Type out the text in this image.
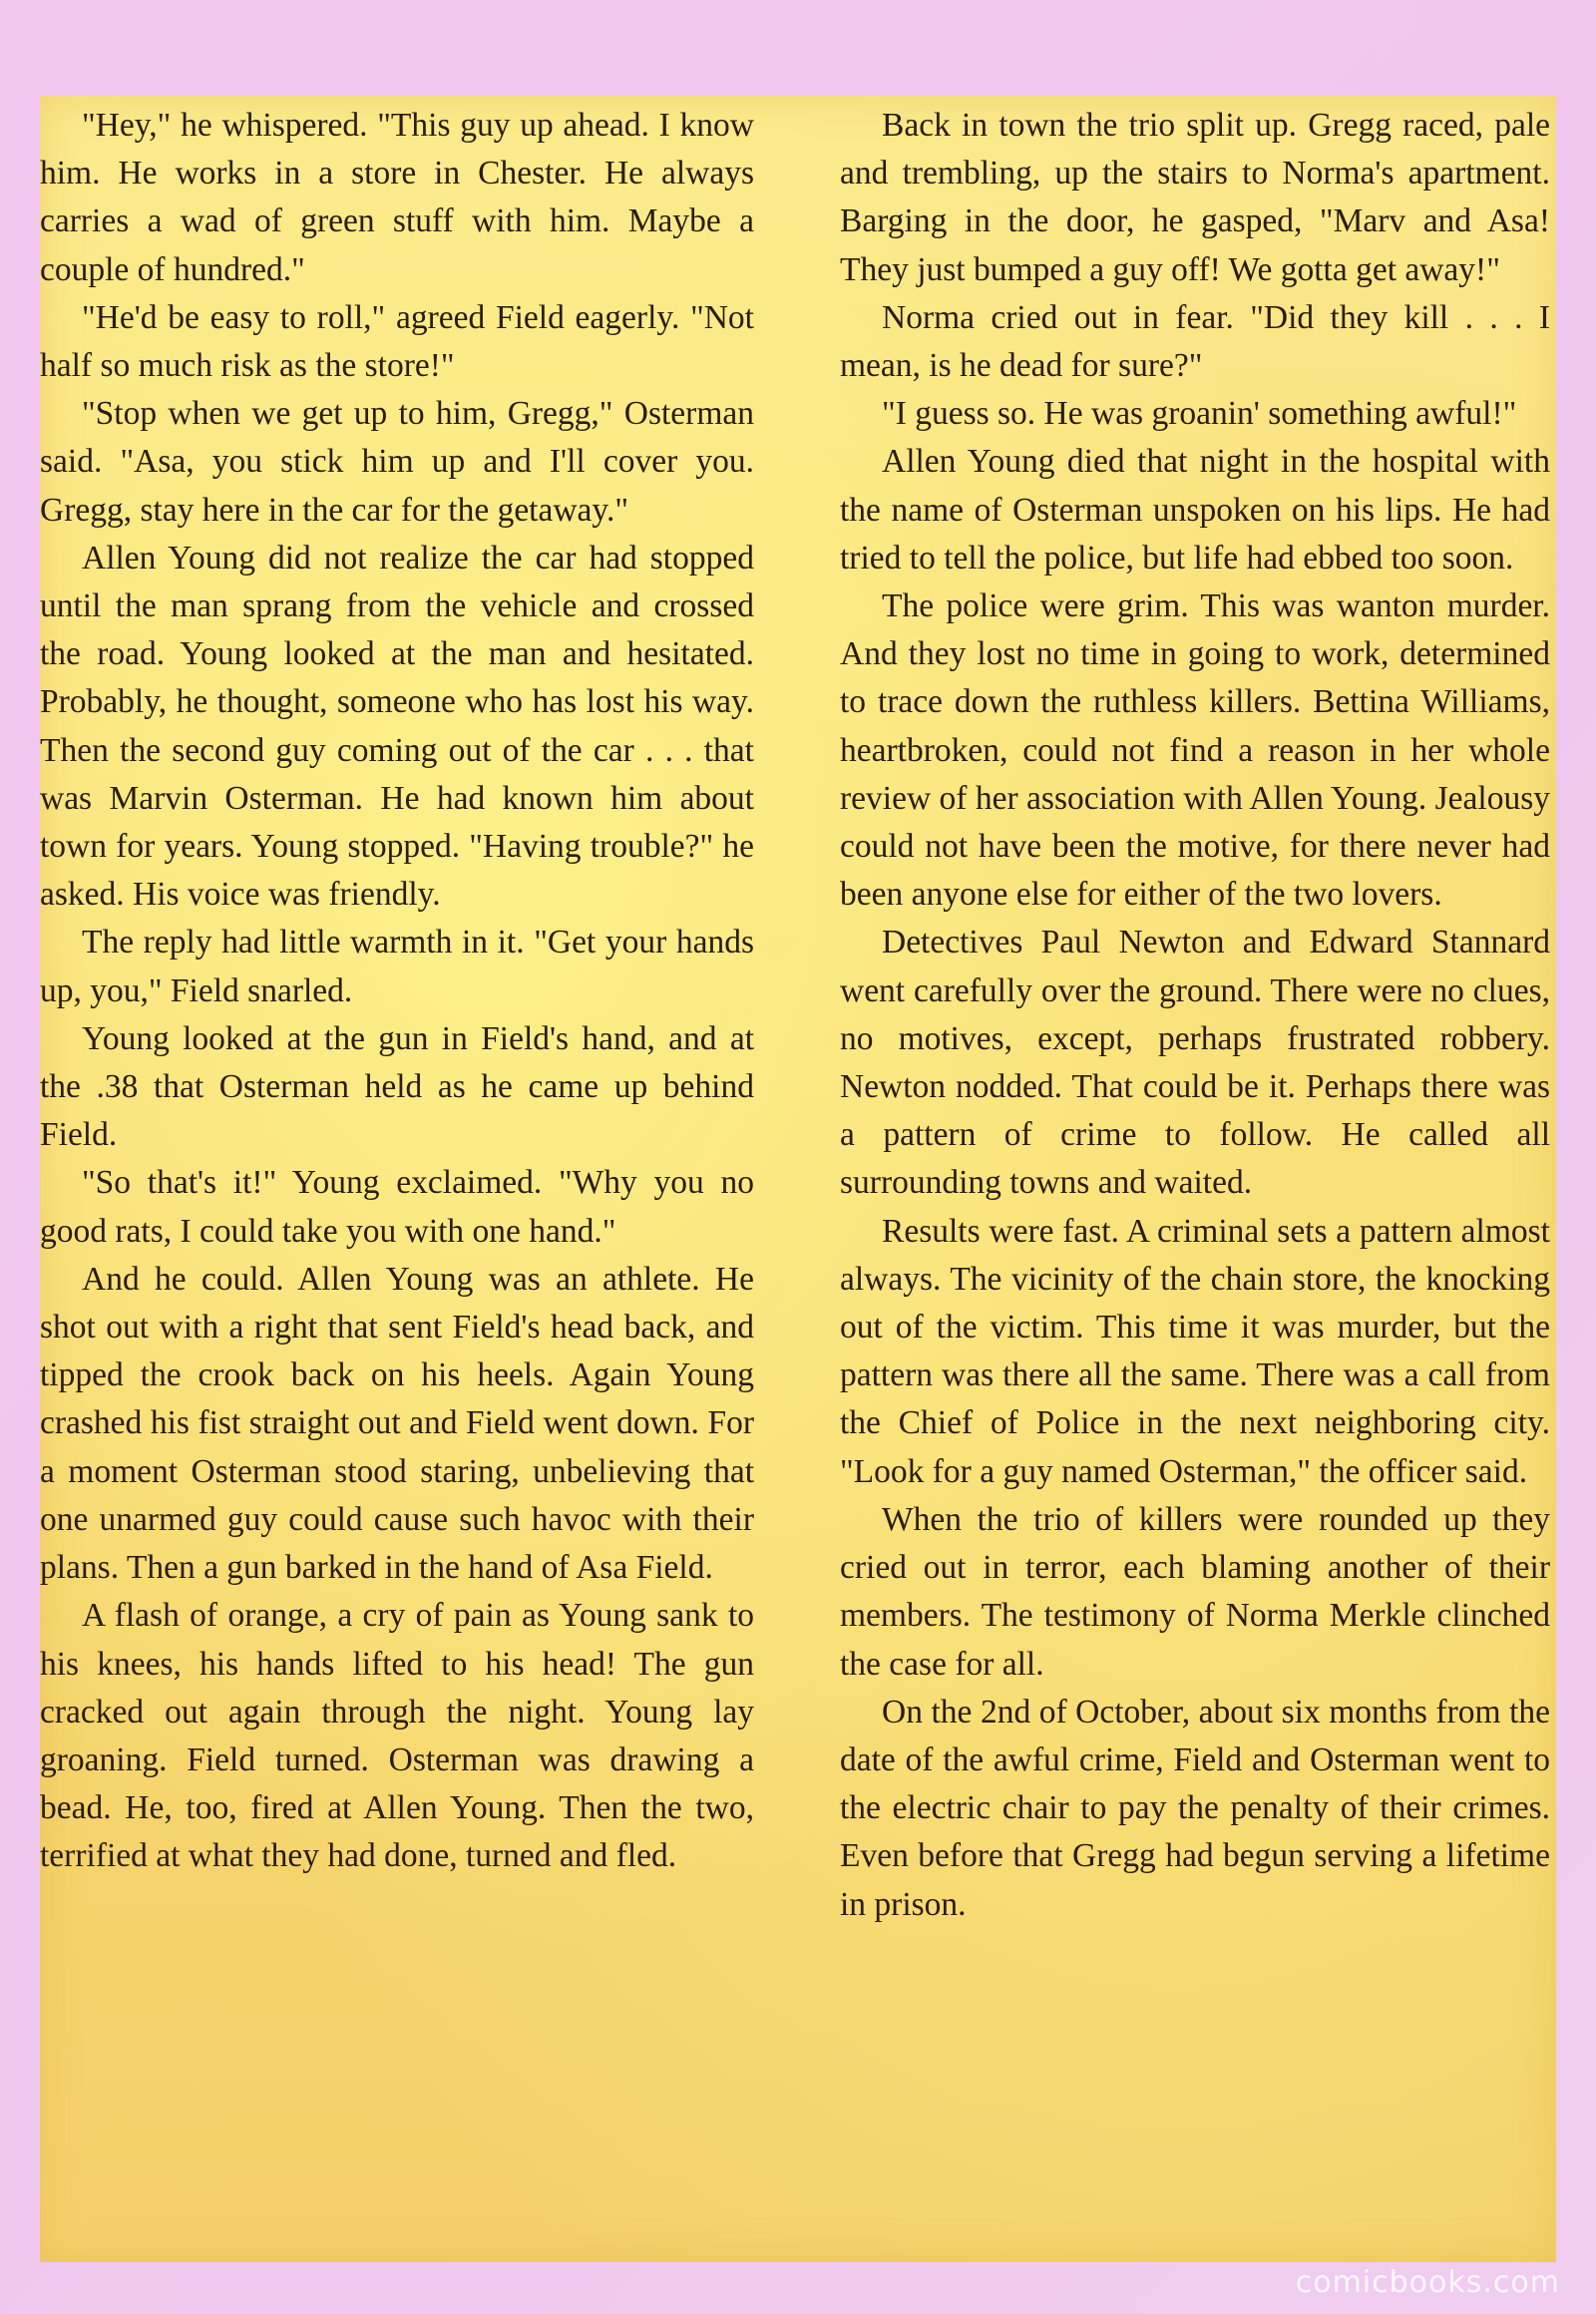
"Hey," he whispered. "This guy up ahead. I know him. He works in a store in Chester. He always carries a wad of green stuff with him. Maybe a couple of hundred."

"He'd be easy to roll," agreed Field eagerly. "Not half so much risk as the store!"

"Stop when we get up to him, Gregg," Osterman said. "Asa, you stick him up and I'll cover you. Gregg, stay here in the car for the getaway."

Allen Young did not realize the car had stopped until the man sprang from the vehicle and crossed the road. Young looked at the man and hesitated. Probably, he thought, someone who has lost his way. Then the second guy coming out of the car . . . that was Marvin Osterman. He had known him about town for years. Young stopped. "Having trouble?" he asked. His voice was friendly.

The reply had little warmth in it. "Get your hands up, you," Field snarled.

Young looked at the gun in Field's hand, and at the .38 that Osterman held as he came up behind Field.

"So that's it!" Young exclaimed. "Why you no good rats, I could take you with one hand."

And he could. Allen Young was an athlete. He shot out with a right that sent Field's head back, and tipped the crook back on his heels. Again Young crashed his fist straight out and Field went down. For a moment Osterman stood staring, unbelieving that one unarmed guy could cause such havoc with their plans. Then a gun barked in the hand of Asa Field.

A flash of orange, a cry of pain as Young sank to his knees, his hands lifted to his head! The gun cracked out again through the night. Young lay groaning. Field turned. Osterman was drawing a bead. He, too, fired at Allen Young. Then the two, terrified at what they had done, turned and fled.

Back in town the trio split up. Gregg raced, pale and trembling, up the stairs to Norma's apartment. Barging in the door, he gasped, "Marv and Asa! They just bumped a guy off! We gotta get away!"

Norma cried out in fear. "Did they kill . . . I mean, is he dead for sure?"

"I guess so. He was groanin' something awful!"

Allen Young died that night in the hospital with the name of Osterman unspoken on his lips. He had tried to tell the police, but life had ebbed too soon.

The police were grim. This was wanton murder. And they lost no time in going to work, determined to trace down the ruthless killers. Bettina Williams, heartbroken, could not find a reason in her whole review of her association with Allen Young. Jealousy could not have been the motive, for there never had been anyone else for either of the two lovers.

Detectives Paul Newton and Edward Stannard went carefully over the ground. There were no clues, no motives, except, perhaps frustrated robbery. Newton nodded. That could be it. Perhaps there was a pattern of crime to follow. He called all surrounding towns and waited.

Results were fast. A criminal sets a pattern almost always. The vicinity of the chain store, the knocking out of the victim. This time it was murder, but the pattern was there all the same. There was a call from the Chief of Police in the next neighboring city. "Look for a guy named Osterman," the officer said.

When the trio of killers were rounded up they cried out in terror, each blaming another of their members. The testimony of Norma Merkle clinched the case for all.

On the 2nd of October, about six months from the date of the awful crime, Field and Osterman went to the electric chair to pay the penalty of their crimes. Even before that Gregg had begun serving a lifetime in prison.

comicbooks.com
